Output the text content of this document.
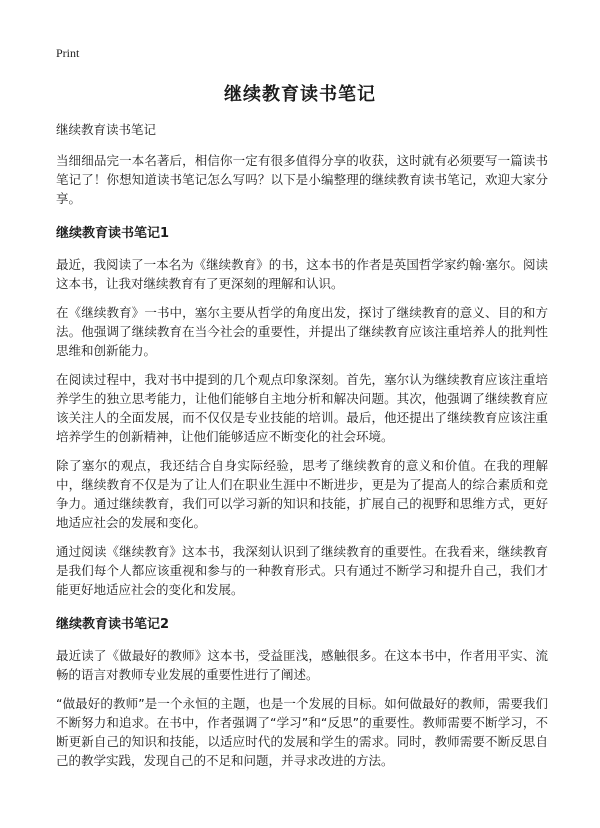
Print
继续教育读书笔记

继续教育读书笔记

当细细品完一本名著后，相信你一定有很多值得分享的收获，这时就有必须要写一篇读书笔记了！你想知道读书笔记怎么写吗？以下是小编整理的继续教育读书笔记，欢迎大家分享。

继续教育读书笔记1

最近，我阅读了一本名为《继续教育》的书，这本书的作者是英国哲学家约翰·塞尔。阅读这本书，让我对继续教育有了更深刻的理解和认识。

在《继续教育》一书中，塞尔主要从哲学的角度出发，探讨了继续教育的意义、目的和方法。他强调了继续教育在当今社会的重要性，并提出了继续教育应该注重培养人的批判性思维和创新能力。

在阅读过程中，我对书中提到的几个观点印象深刻。首先，塞尔认为继续教育应该注重培养学生的独立思考能力，让他们能够自主地分析和解决问题。其次，他强调了继续教育应该关注人的全面发展，而不仅仅是专业技能的培训。最后，他还提出了继续教育应该注重培养学生的创新精神，让他们能够适应不断变化的社会环境。

除了塞尔的观点，我还结合自身实际经验，思考了继续教育的意义和价值。在我的理解中，继续教育不仅是为了让人们在职业生涯中不断进步，更是为了提高人的综合素质和竞争力。通过继续教育，我们可以学习新的知识和技能，扩展自己的视野和思维方式，更好地适应社会的发展和变化。

通过阅读《继续教育》这本书，我深刻认识到了继续教育的重要性。在我看来，继续教育是我们每个人都应该重视和参与的一种教育形式。只有通过不断学习和提升自己，我们才能更好地适应社会的变化和发展。

继续教育读书笔记2

最近读了《做最好的教师》这本书，受益匪浅，感触很多。在这本书中，作者用平实、流畅的语言对教师专业发展的重要性进行了阐述。

“做最好的教师”是一个永恒的主题，也是一个发展的目标。如何做最好的教师，需要我们不断努力和追求。在书中，作者强调了“学习”和“反思”的重要性。教师需要不断学习，不断更新自己的知识和技能，以适应时代的发展和学生的需求。同时，教师需要不断反思自己的教学实践，发现自己的不足和问题，并寻求改进的方法。
